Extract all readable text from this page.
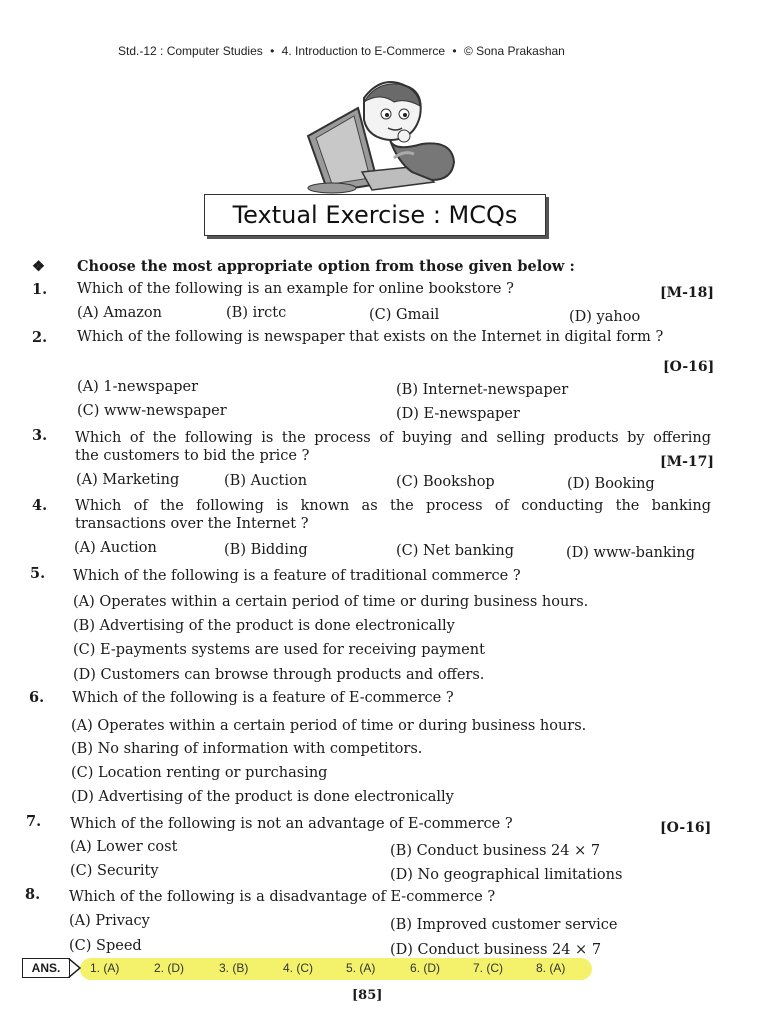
Std.-12 : Computer Studies • 4. Introduction to E-Commerce • © Sona Prakashan
Textual Exercise : MCQs
❖ Choose the most appropriate option from those given below :
1. Which of the following is an example for online bookstore ?	[M-18]
(A) Amazon	(B) irctc	(C) Gmail	(D) yahoo
2. Which of the following is newspaper that exists on the Internet in digital form ?
[O-16]
(A) 1-newspaper	(B) Internet-newspaper
(C) www-newspaper	(D) E-newspaper
3. Which of the following is the process of buying and selling products by offering
the customers to bid the price ?	[M-17]
(A) Marketing	(B) Auction	(C) Bookshop	(D) Booking
4. Which of the following is known as the process of conducting the banking
transactions over the Internet ?
(A) Auction	(B) Bidding	(C) Net banking	(D) www-banking
5. Which of the following is a feature of traditional commerce ?
(A) Operates within a certain period of time or during business hours.
(B) Advertising of the product is done electronically
(C) E-payments systems are used for receiving payment
(D) Customers can browse through products and offers.
6. Which of the following is a feature of E-commerce ?
(A) Operates within a certain period of time or during business hours.
(B) No sharing of information with competitors.
(C) Location renting or purchasing
(D) Advertising of the product is done electronically
7. Which of the following is not an advantage of E-commerce ?	[O-16]
(A) Lower cost	(B) Conduct business 24 × 7
(C) Security	(D) No geographical limitations
8. Which of the following is a disadvantage of E-commerce ?
(A) Privacy	(B) Improved customer service
(C) Speed	(D) Conduct business 24 × 7
ANS.	1. (A)	2. (D)	3. (B)	4. (C)	5. (A)	6. (D)	7. (C)	8. (A)
[85]
